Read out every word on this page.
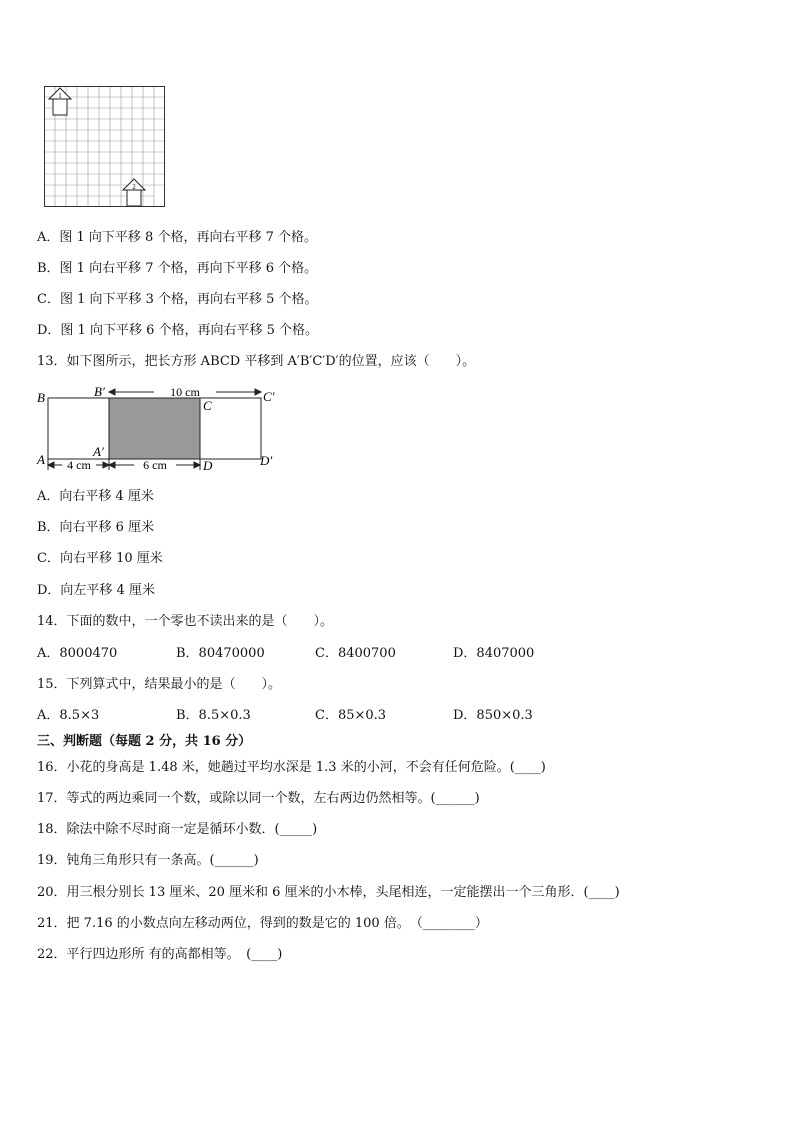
1
2
A．图 1 向下平移 8 个格，再向右平移 7 个格。
B．图 1 向右平移 7 个格，再向下平移 6 个格。
C．图 1 向下平移 3 个格，再向右平移 5 个格。
D．图 1 向下平移 6 个格，再向右平移 5 个格。
13．如下图所示，把长方形 ABCD 平移到 A′B′C′D′的位置，应该（　　）。
10 cm
4 cm	6 cm
B	B′
C
C′
A′
A	D	D′
A．向右平移 4 厘米
B．向右平移 6 厘米
C．向右平移 10 厘米
D．向左平移 4 厘米
14．下面的数中，一个零也不读出来的是（　　）。
A．8000470	B．80470000	C．8400700	D．8407000
15．下列算式中，结果最小的是（　　）。
A．8.5×3	B．8.5×0.3	C．85×0.3	D．850×0.3
三、判断题（每题 2 分，共 16 分）
16．小花的身高是 1.48 米，她趟过平均水深是 1.3 米的小河，不会有任何危险。(____)
17．等式的两边乘同一个数，或除以同一个数，左右两边仍然相等。(______)
18．除法中除不尽时商一定是循环小数．(_____)
19．钝角三角形只有一条高。(______)
20．用三根分别长 13 厘米、20 厘米和 6 厘米的小木棒，头尾相连，一定能摆出一个三角形．(____)
21．把 7.16 的小数点向左移动两位，得到的数是它的 100 倍。　（________）
22．平行四边形所 有的高都相等。　(____)
